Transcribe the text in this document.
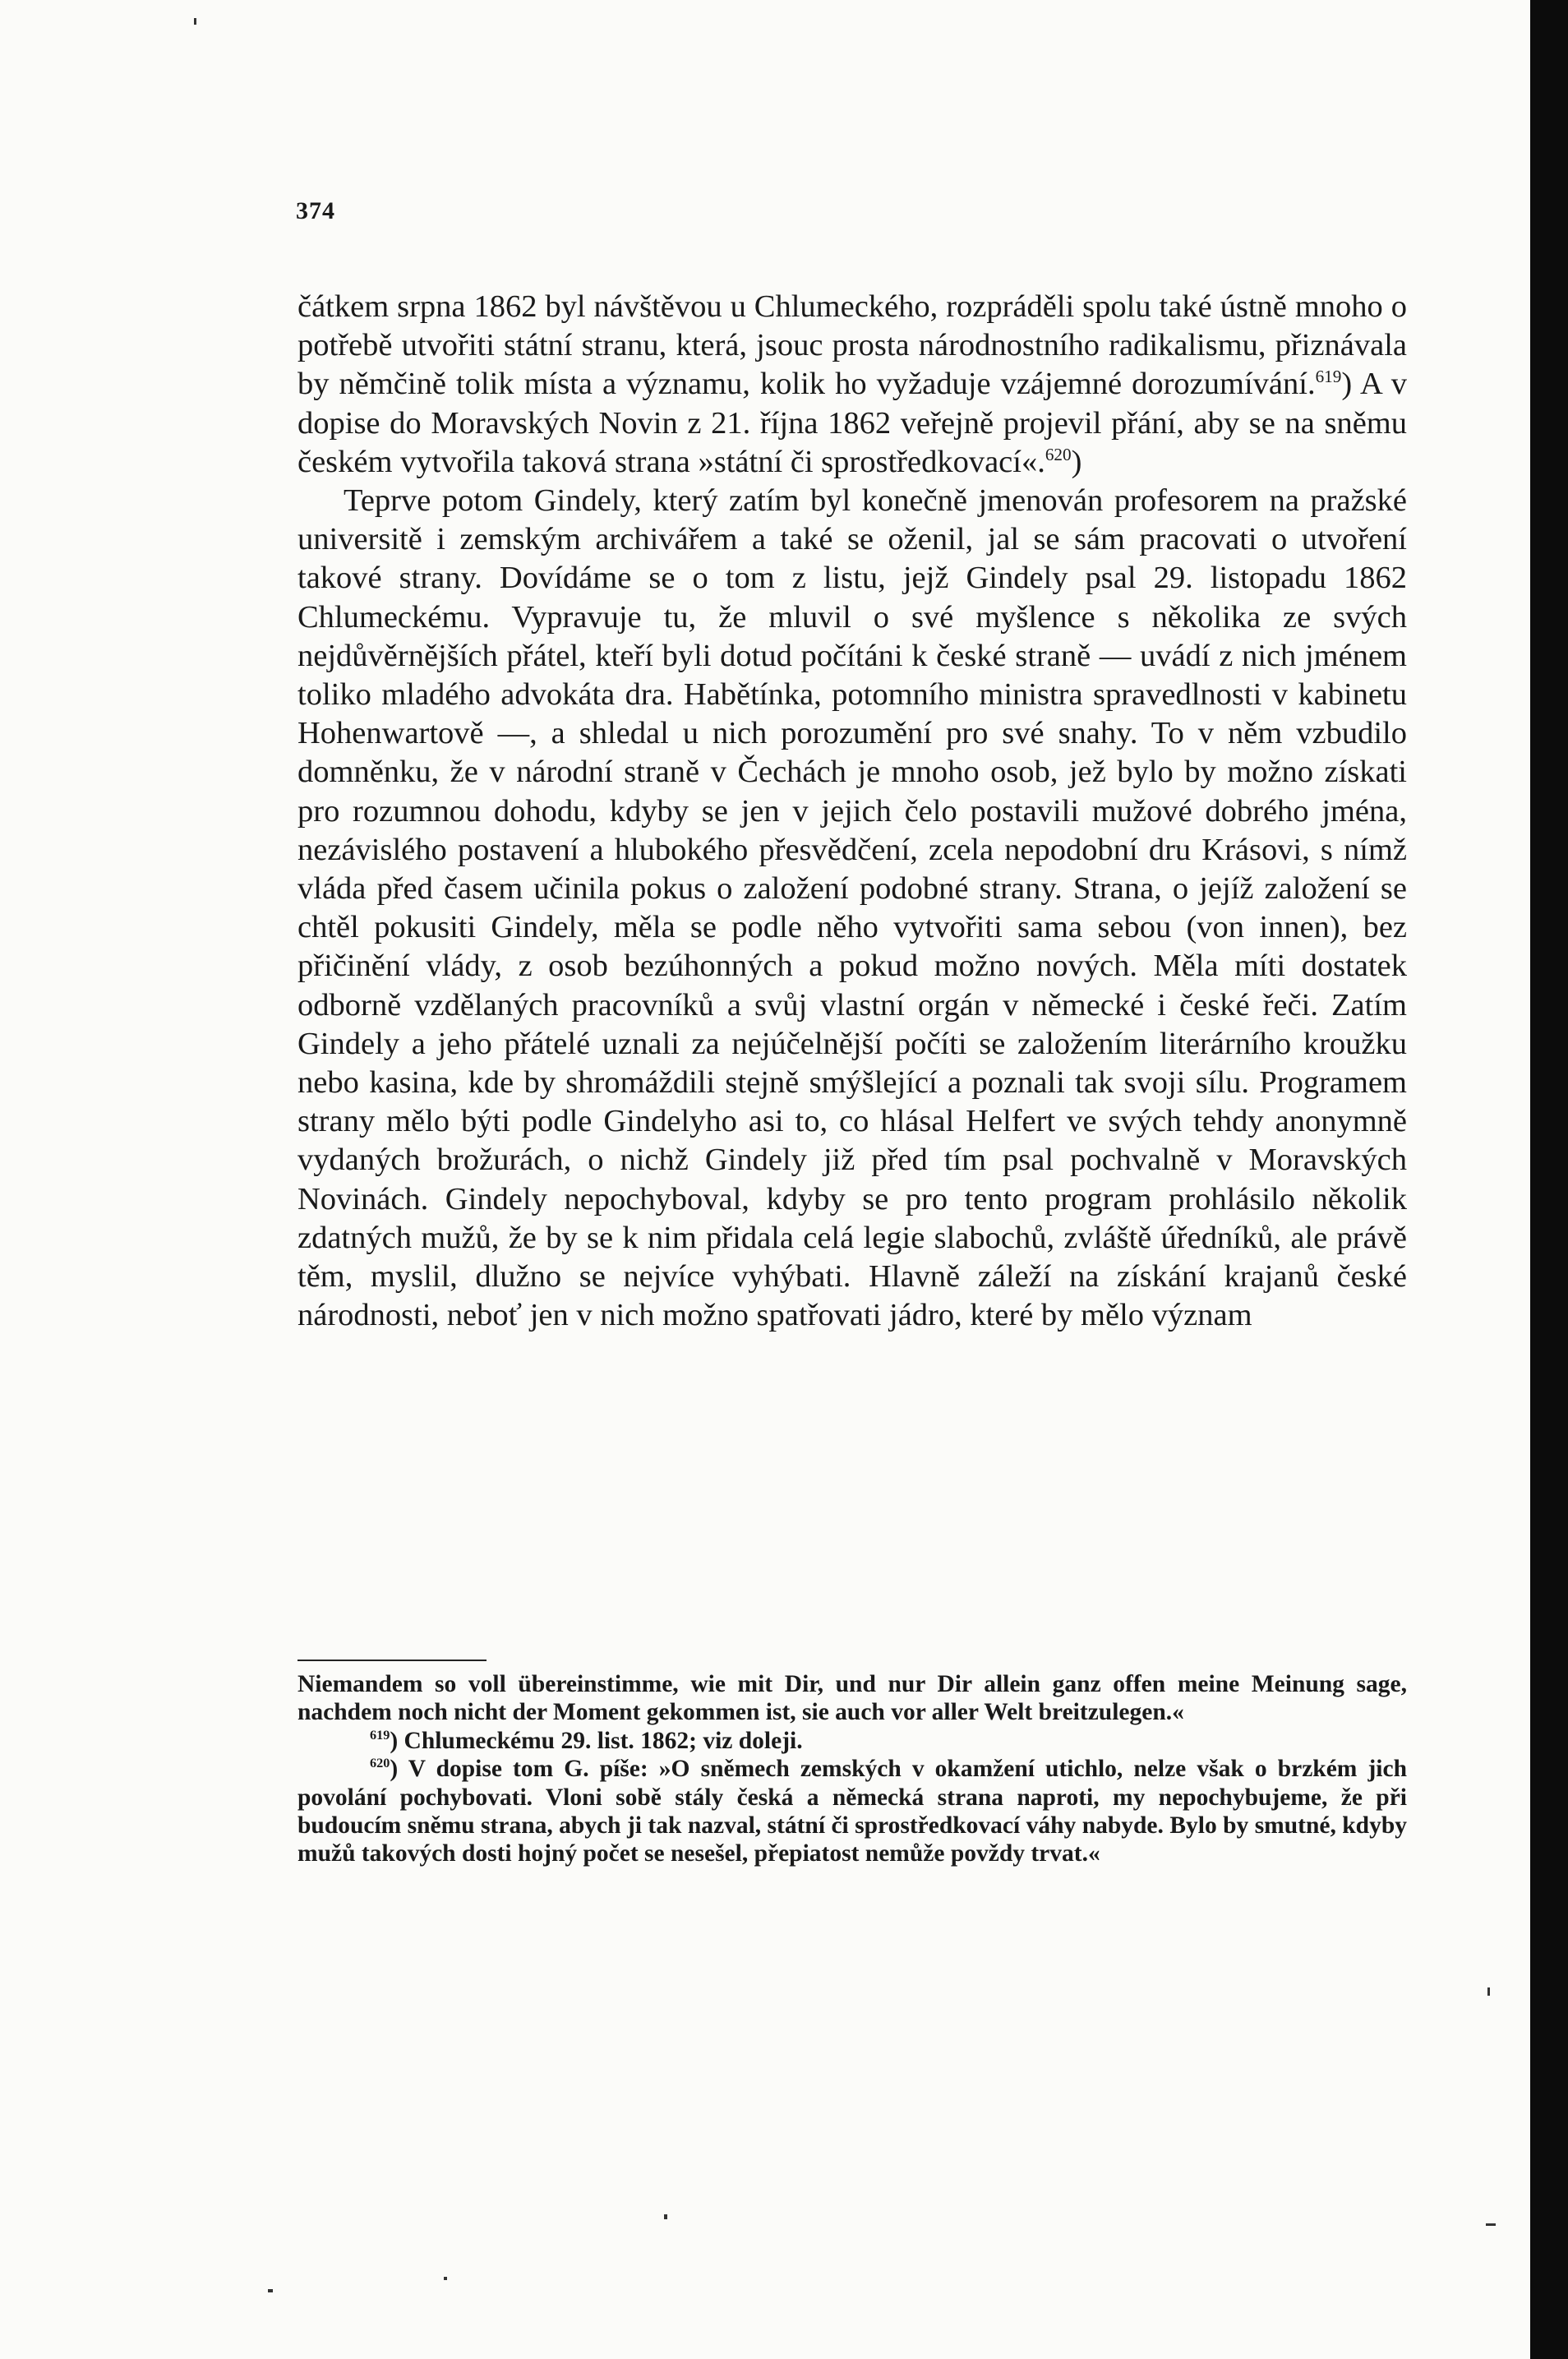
374

čátkem srpna 1862 byl návštěvou u Chlumeckého, rozpráděli spolu také ústně mnoho o potřebě utvořiti státní stranu, která, jsouc prosta národnostního radikalismu, přiznávala by němčině tolik místa a významu, kolik ho vyžaduje vzájemné dorozumívání.$^{619}$) A v dopise do Moravských Novin z 21. října 1862 veřejně projevil přání, aby se na sněmu českém vytvořila taková strana »státní či sprostředkovací«.$^{620}$)

Teprve potom Gindely, který zatím byl konečně jmenován profesorem na pražské universitě i zemským archivářem a také se oženil, jal se sám pracovati o utvoření takové strany. Dovídáme se o tom z listu, jejž Gindely psal 29. listopadu 1862 Chlumeckému. Vypravuje tu, že mluvil o své myšlence s několika ze svých nejdůvěrnějších přátel, kteří byli dotud počítáni k české straně — uvádí z nich jménem toliko mladého advokáta dra. Habětínka, potomního ministra spravedlnosti v kabinetu Hohenwartově —, a shledal u nich porozumění pro své snahy. To v něm vzbudilo domněnku, že v národní straně v Čechách je mnoho osob, jež bylo by možno získati pro rozumnou dohodu, kdyby se jen v jejich čelo postavili mužové dobrého jména, nezávislého postavení a hlubokého přesvědčení, zcela nepodobní dru Krásovi, s nímž vláda před časem učinila pokus o založení podobné strany. Strana, o jejíž založení se chtěl pokusiti Gindely, měla se podle něho vytvořiti sama sebou (von innen), bez přičinění vlády, z osob bezúhonných a pokud možno nových. Měla míti dostatek odborně vzdělaných pracovníků a svůj vlastní orgán v německé i české řeči. Zatím Gindely a jeho přátelé uznali za nejúčelnější počíti se založením literárního kroužku nebo kasina, kde by shromáždili stejně smýšlející a poznali tak svoji sílu. Programem strany mělo býti podle Gindelyho asi to, co hlásal Helfert ve svých tehdy anonymně vydaných brožurách, o nichž Gindely již před tím psal pochvalně v Moravských Novinách. Gindely nepochyboval, kdyby se pro tento program prohlásilo několik zdatných mužů, že by se k nim přidala celá legie slabochů, zvláště úředníků, ale právě těm, myslil, dlužno se nejvíce vyhýbati. Hlavně záleží na získání krajanů české národnosti, neboť jen v nich možno spatřovati jádro, které by mělo význam

Niemandem so voll übereinstimme, wie mit Dir, und nur Dir allein ganz offen meine Meinung sage, nachdem noch nicht der Moment gekommen ist, sie auch vor aller Welt breitzulegen.«

$^{619}$) Chlumeckému 29. list. 1862; viz doleji.

$^{620}$) V dopise tom G. píše: »O sněmech zemských v okamžení utichlo, nelze však o brzkém jich povolání pochybovati. Vloni sobě stály česká a německá strana naproti, my nepochybujeme, že při budoucím sněmu strana, abych ji tak nazval, státní či sprostředkovací váhy nabyde. Bylo by smutné, kdyby mužů takových dosti hojný počet se nesešel, přepiatost nemůže povždy trvat.«
